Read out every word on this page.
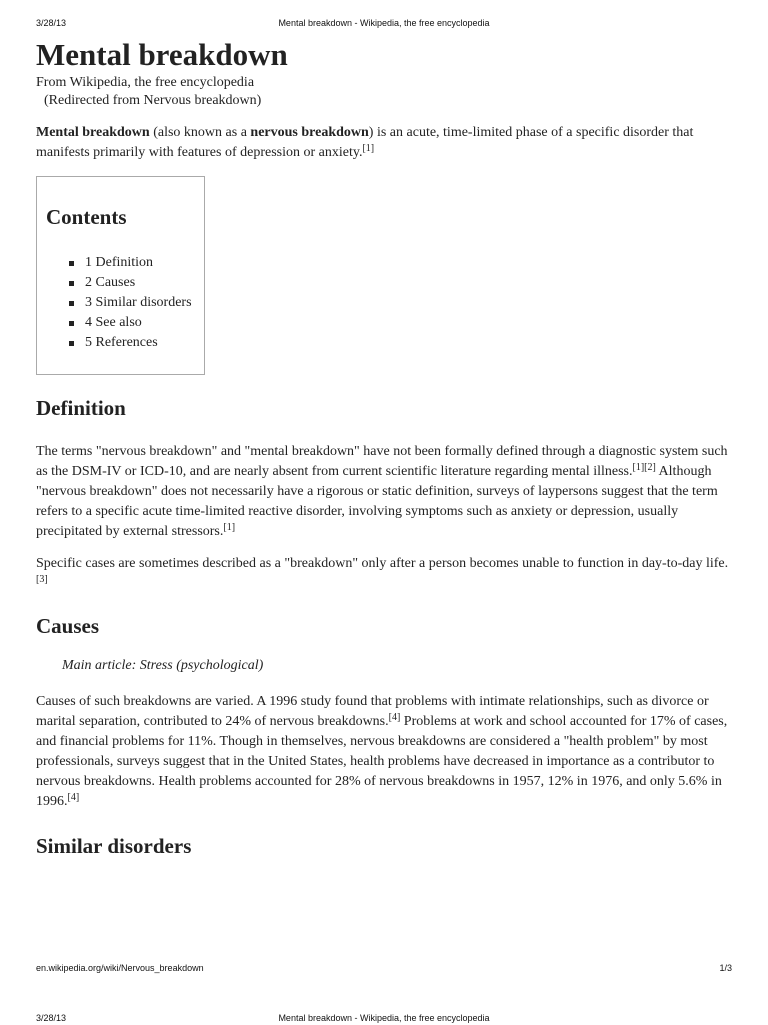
3/28/13	Mental breakdown - Wikipedia, the free encyclopedia
Mental breakdown
From Wikipedia, the free encyclopedia
(Redirected from Nervous breakdown)

Mental breakdown (also known as a nervous breakdown) is an acute, time-limited phase of a specific disorder that manifests primarily with features of depression or anxiety.[1]

Contents
1 Definition
2 Causes
3 Similar disorders
4 See also
5 References
Definition

The terms "nervous breakdown" and "mental breakdown" have not been formally defined through a diagnostic system such as the DSM-IV or ICD-10, and are nearly absent from current scientific literature regarding mental illness.[1][2] Although "nervous breakdown" does not necessarily have a rigorous or static definition, surveys of laypersons suggest that the term refers to a specific acute time-limited reactive disorder, involving symptoms such as anxiety or depression, usually precipitated by external stressors.[1]

Specific cases are sometimes described as a "breakdown" only after a person becomes unable to function in day-to-day life.[3]

Causes
Main article: Stress (psychological)

Causes of such breakdowns are varied. A 1996 study found that problems with intimate relationships, such as divorce or marital separation, contributed to 24% of nervous breakdowns.[4] Problems at work and school accounted for 17% of cases, and financial problems for 11%. Though in themselves, nervous breakdowns are considered a "health problem" by most professionals, surveys suggest that in the United States, health problems have decreased in importance as a contributor to nervous breakdowns. Health problems accounted for 28% of nervous breakdowns in 1957, 12% in 1976, and only 5.6% in 1996.[4]

Similar disorders
en.wikipedia.org/wiki/Nervous_breakdown	1/3
3/28/13	Mental breakdown - Wikipedia, the free encyclopedia
